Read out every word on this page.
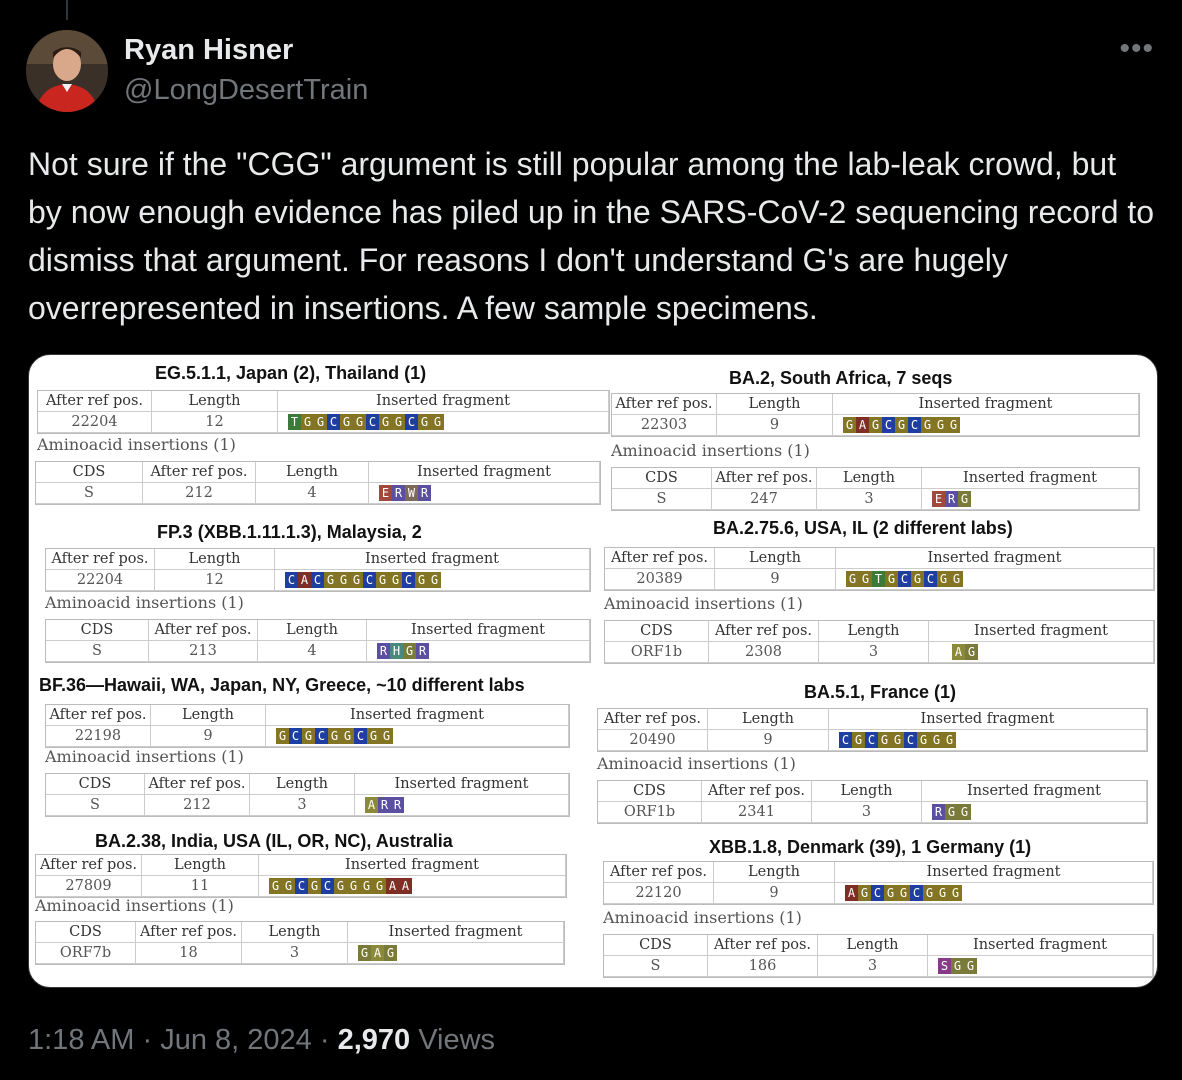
Ryan Hisner
@LongDesertTrain
•••

Not sure if the "CGG" argument is still popular among the lab-leak crowd, but by now enough evidence has piled up in the SARS-CoV-2 sequencing record to dismiss that argument. For reasons I don't understand G's are hugely overrepresented in insertions. A few sample specimens.

EG.5.1.1, Japan (2), Thailand (1)
After ref pos.	Length	Inserted fragment
22204	12	T G G C G G C G G C G G
Aminoacid insertions (1)
CDS	After ref pos.	Length	Inserted fragment
S	212	4	E R W R
FP.3 (XBB.1.11.1.3), Malaysia, 2
After ref pos.	Length	Inserted fragment
22204	12	C A C G G G C G G C G G
Aminoacid insertions (1)
CDS	After ref pos.	Length	Inserted fragment
S	213	4	R H G R
BF.36—Hawaii, WA, Japan, NY, Greece, ~10 different labs
After ref pos.	Length	Inserted fragment
22198	9	G C G C G G C G G
Aminoacid insertions (1)
CDS	After ref pos.	Length	Inserted fragment
S	212	3	A R R
BA.2.38, India, USA (IL, OR, NC), Australia
After ref pos.	Length	Inserted fragment
27809	11	G G C G C G G G G A A
Aminoacid insertions (1)
CDS	After ref pos.	Length	Inserted fragment
ORF7b	18	3	G A G
BA.2, South Africa, 7 seqs
After ref pos.	Length	Inserted fragment
22303	9	G A G C G C G G G
Aminoacid insertions (1)
CDS	After ref pos.	Length	Inserted fragment
S	247	3	E R G
BA.2.75.6, USA, IL (2 different labs)
After ref pos.	Length	Inserted fragment
20389	9	G G T G C G C G G
Aminoacid insertions (1)
CDS	After ref pos.	Length	Inserted fragment
ORF1b	2308	3	C A G
BA.5.1, France (1)
After ref pos.	Length	Inserted fragment
20490	9	C G C G G C G G G
Aminoacid insertions (1)
CDS	After ref pos.	Length	Inserted fragment
ORF1b	2341	3	R G G
XBB.1.8, Denmark (39), 1 Germany (1)
After ref pos.	Length	Inserted fragment
22120	9	A G C G G C G G G
Aminoacid insertions (1)
CDS	After ref pos.	Length	Inserted fragment
S	186	3	S G G
1:18 AM · Jun 8, 2024 · 2,970 Views
